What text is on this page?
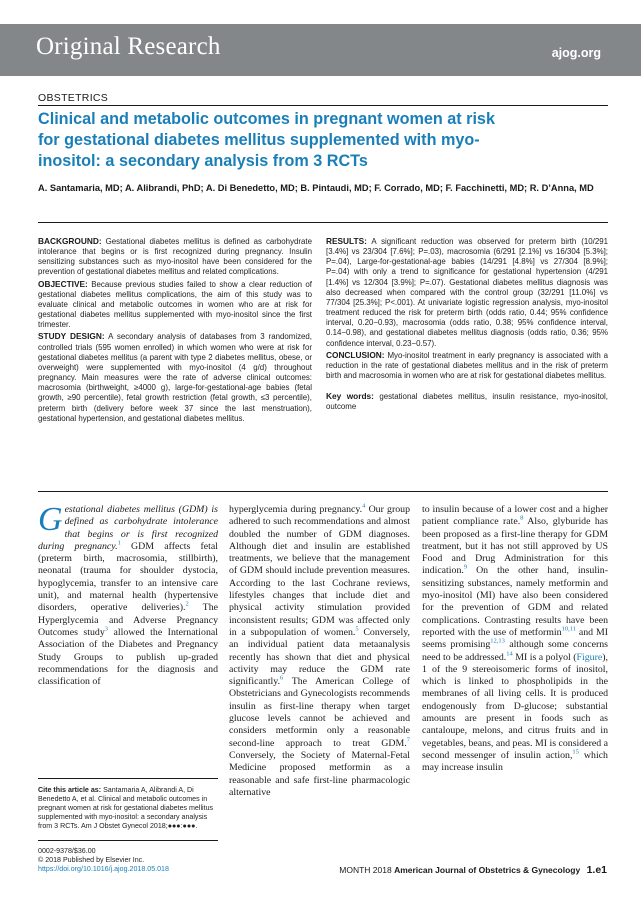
Original Research	ajog.org
OBSTETRICS
Clinical and metabolic outcomes in pregnant women at risk for gestational diabetes mellitus supplemented with myo-inositol: a secondary analysis from 3 RCTs
A. Santamaria, MD; A. Alibrandi, PhD; A. Di Benedetto, MD; B. Pintaudi, MD; F. Corrado, MD; F. Facchinetti, MD; R. D’Anna, MD

BACKGROUND: Gestational diabetes mellitus is defined as carbohydrate intolerance that begins or is first recognized during pregnancy. Insulin sensitizing substances such as myo-inositol have been considered for the prevention of gestational diabetes mellitus and related complications.

OBJECTIVE: Because previous studies failed to show a clear reduction of gestational diabetes mellitus complications, the aim of this study was to evaluate clinical and metabolic outcomes in women who are at risk for gestational diabetes mellitus supplemented with myo-inositol since the first trimester.

STUDY DESIGN: A secondary analysis of databases from 3 randomized, controlled trials (595 women enrolled) in which women who were at risk for gestational diabetes mellitus (a parent with type 2 diabetes mellitus, obese, or overweight) were supplemented with myo-inositol (4 g/d) throughout pregnancy. Main measures were the rate of adverse clinical outcomes: macrosomia (birthweight, ≥4000 g), large-for-gestational-age babies (fetal growth, ≥90 percentile), fetal growth restriction (fetal growth, ≤3 percentile), preterm birth (delivery before week 37 since the last menstruation), gestational hypertension, and gestational diabetes mellitus.

RESULTS: A significant reduction was observed for preterm birth (10/291 [3.4%] vs 23/304 [7.6%]; P=.03), macrosomia (6/291 [2.1%] vs 16/304 [5.3%]; P=.04), Large-for-gestational-age babies (14/291 [4.8%] vs 27/304 [8.9%]; P=.04) with only a trend to significance for gestational hypertension (4/291 [1.4%] vs 12/304 [3.9%]; P=.07). Gestational diabetes mellitus diagnosis was also decreased when compared with the control group (32/291 [11.0%] vs 77/304 [25.3%]; P<.001). At univariate logistic regression analysis, myo-inositol treatment reduced the risk for preterm birth (odds ratio, 0.44; 95% confidence interval, 0.20−0.93), macrosomia (odds ratio, 0.38; 95% confidence interval, 0.14−0.98), and gestational diabetes mellitus diagnosis (odds ratio, 0.36; 95% confidence interval, 0.23−0.57).

CONCLUSION: Myo-inositol treatment in early pregnancy is associated with a reduction in the rate of gestational diabetes mellitus and in the risk of preterm birth and macrosomia in women who are at risk for gestational diabetes mellitus.

Key words: gestational diabetes mellitus, insulin resistance, myo-inositol, outcome

Gestational diabetes mellitus (GDM) is defined as carbohydrate intolerance that begins or is first recognized during pregnancy.$^1$ GDM affects fetal (preterm birth, macrosomia, stillbirth), neonatal (trauma for shoulder dystocia, hypoglycemia, transfer to an intensive care unit), and maternal health (hypertensive disorders, operative deliveries).$^2$ The Hyperglycemia and Adverse Pregnancy Outcomes study$^3$ allowed the International Association of the Diabetes and Pregnancy Study Groups to publish up-graded recommendations for the diagnosis and classification of
hyperglycemia during pregnancy.$^4$ Our group adhered to such recommendations and almost doubled the number of GDM diagnoses. Although diet and insulin are established treatments, we believe that the management of GDM should include prevention measures. According to the last Cochrane reviews, lifestyles changes that include diet and physical activity stimulation provided inconsistent results; GDM was affected only in a subpopulation of women.$^5$ Conversely, an individual patient data metaanalysis recently has shown that diet and physical activity may reduce the GDM rate significantly.$^6$ The American College of Obstetricians and Gynecologists recommends insulin as first-line therapy when target glucose levels cannot be achieved and considers metformin only a reasonable second-line approach to treat GDM.$^7$ Conversely, the Society of Maternal-Fetal Medicine proposed metformin as a reasonable and safe first-line pharmacologic alternative
to insulin because of a lower cost and a higher patient compliance rate.$^8$ Also, glyburide has been proposed as a first-line therapy for GDM treatment, but it has not still approved by US Food and Drug Administration for this indication.$^9$ On the other hand, insulin-sensitizing substances, namely metformin and myo-inositol (MI) have also been considered for the prevention of GDM and related complications. Contrasting results have been reported with the use of metformin$^{10,11}$ and MI seems promising$^{12,13}$ although some concerns need to be addressed.$^{14}$ MI is a polyol (Figure), 1 of the 9 stereoisomeric forms of inositol, which is linked to phospholipids in the membranes of all living cells. It is produced endogenously from D-glucose; substantial amounts are present in foods such as cantaloupe, melons, and citrus fruits and in vegetables, beans, and peas. MI is considered a second messenger of insulin action,$^{15}$ which may increase insulin
Cite this article as: Santamaria A, Alibrandi A, Di Benedetto A, et al. Clinical and metabolic outcomes in pregnant women at risk for gestational diabetes mellitus supplemented with myo-inositol: a secondary analysis from 3 RCTs. Am J Obstet Gynecol 2018;●●●:●●●.
0002-9378/$36.00
© 2018 Published by Elsevier Inc.
https://doi.org/10.1016/j.ajog.2018.05.018	MONTH 2018 American Journal of Obstetrics & Gynecology 1.e1
